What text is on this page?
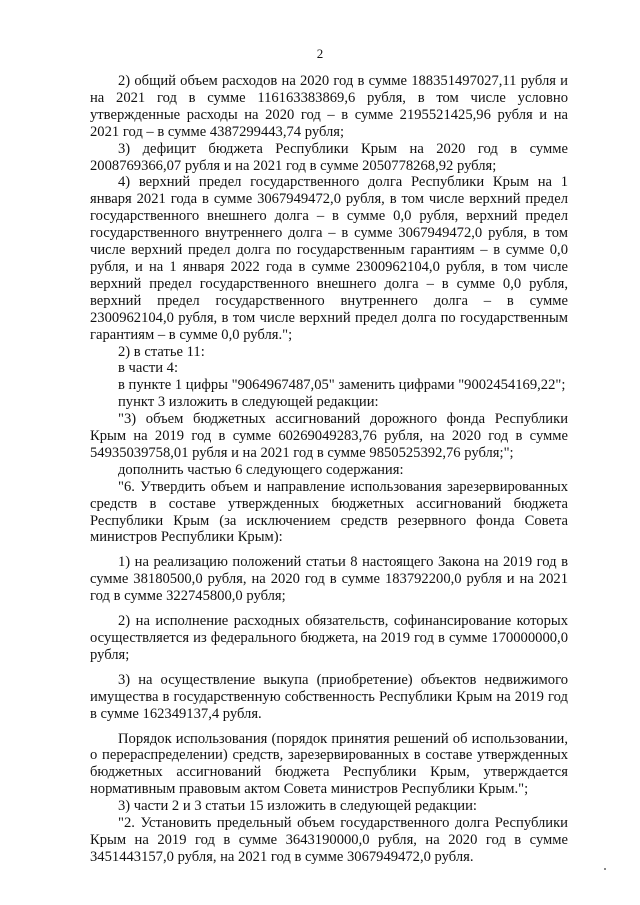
2

2) общий объем расходов на 2020 год в сумме 188351497027,11 рубля и на 2021 год в сумме 116163383869,6 рубля, в том числе условно утвержденные расходы на 2020 год – в сумме 2195521425,96 рубля и на 2021 год – в сумме 4387299443,74 рубля;

3) дефицит бюджета Республики Крым на 2020 год в сумме 2008769366,07 рубля и на 2021 год в сумме 2050778268,92 рубля;

4) верхний предел государственного долга Республики Крым на 1 января 2021 года в сумме 3067949472,0 рубля, в том числе верхний предел государственного внешнего долга – в сумме 0,0 рубля, верхний предел государственного внутреннего долга – в сумме 3067949472,0 рубля, в том числе верхний предел долга по государственным гарантиям – в сумме 0,0 рубля, и на 1 января 2022 года в сумме 2300962104,0 рубля, в том числе верхний предел государственного внешнего долга – в сумме 0,0 рубля, верхний предел государственного внутреннего долга – в сумме 2300962104,0 рубля, в том числе верхний предел долга по государственным гарантиям – в сумме 0,0 рубля.";

2) в статье 11:

в части 4:

в пункте 1 цифры "9064967487,05" заменить цифрами "9002454169,22";

пункт 3 изложить в следующей редакции:

"3) объем бюджетных ассигнований дорожного фонда Республики Крым на 2019 год в сумме 60269049283,76 рубля, на 2020 год в сумме 54935039758,01 рубля и на 2021 год в сумме 9850525392,76 рубля;";

дополнить частью 6 следующего содержания:

"6. Утвердить объем и направление использования зарезервированных средств в составе утвержденных бюджетных ассигнований бюджета Республики Крым (за исключением средств резервного фонда Совета министров Республики Крым):

1) на реализацию положений статьи 8 настоящего Закона на 2019 год в сумме 38180500,0 рубля, на 2020 год в сумме 183792200,0 рубля и на 2021 год в сумме 322745800,0 рубля;

2) на исполнение расходных обязательств, софинансирование которых осуществляется из федерального бюджета, на 2019 год в сумме 170000000,0 рубля;

3) на осуществление выкупа (приобретение) объектов недвижимого имущества в государственную собственность Республики Крым на 2019 год в сумме 162349137,4 рубля.

Порядок использования (порядок принятия решений об использовании, о перераспределении) средств, зарезервированных в составе утвержденных бюджетных ассигнований бюджета Республики Крым, утверждается нормативным правовым актом Совета министров Республики Крым.";

3) части 2 и 3 статьи 15 изложить в следующей редакции:

"2. Установить предельный объем государственного долга Республики Крым на 2019 год в сумме 3643190000,0 рубля, на 2020 год в сумме 3451443157,0 рубля, на 2021 год в сумме 3067949472,0 рубля.
